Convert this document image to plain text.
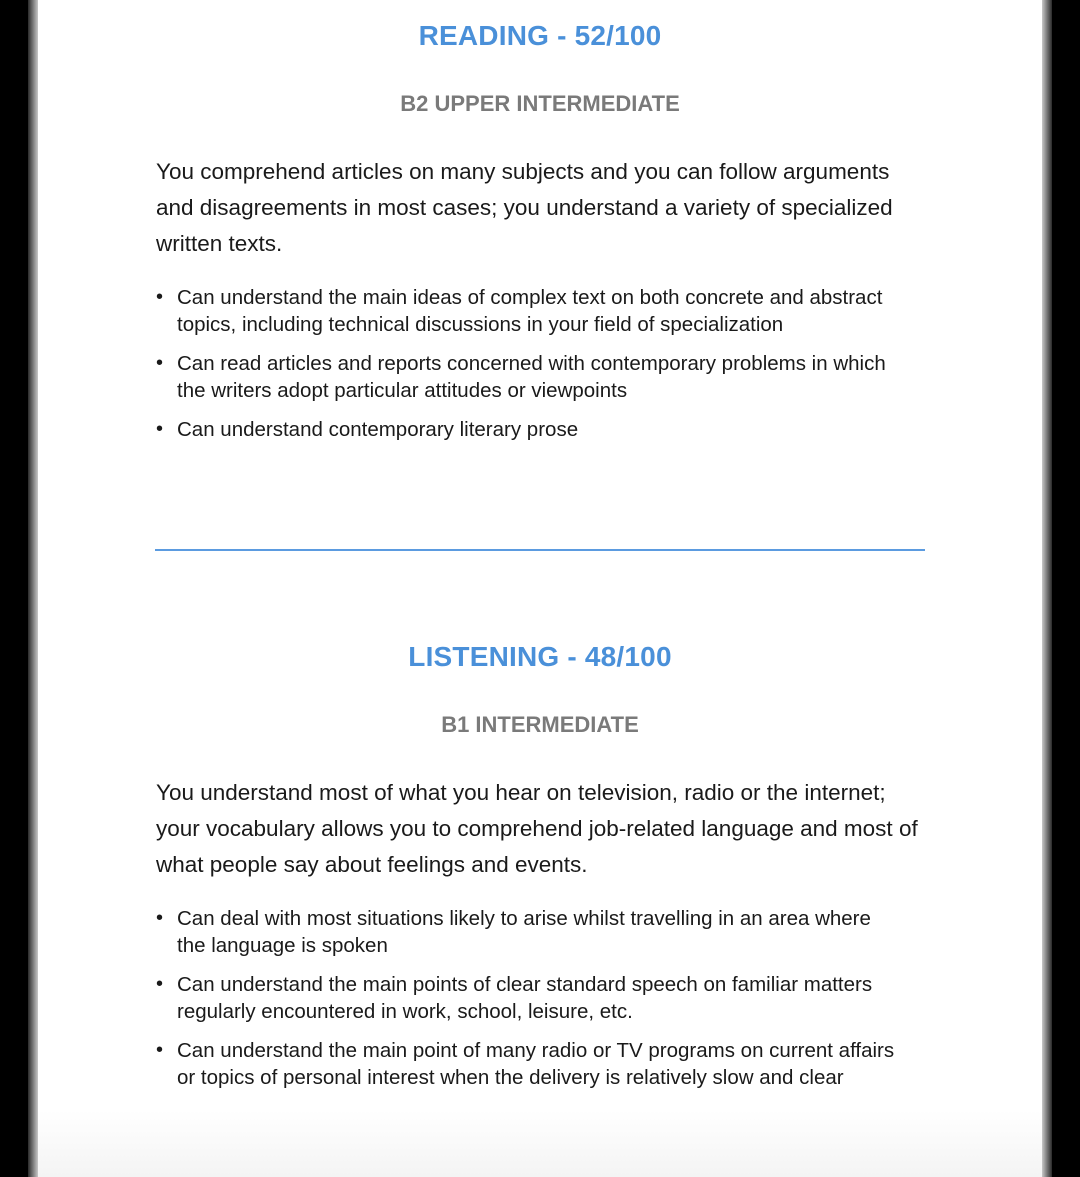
READING - 52/100
B2 UPPER INTERMEDIATE

You comprehend articles on many subjects and you can follow arguments and disagreements in most cases; you understand a variety of specialized written texts.

• Can understand the main ideas of complex text on both concrete and abstract topics, including technical discussions in your field of specialization
• Can read articles and reports concerned with contemporary problems in which the writers adopt particular attitudes or viewpoints
• Can understand contemporary literary prose
LISTENING - 48/100
B1 INTERMEDIATE

You understand most of what you hear on television, radio or the internet; your vocabulary allows you to comprehend job-related language and most of what people say about feelings and events.

• Can deal with most situations likely to arise whilst travelling in an area where the language is spoken
• Can understand the main points of clear standard speech on familiar matters regularly encountered in work, school, leisure, etc.
• Can understand the main point of many radio or TV programs on current affairs or topics of personal interest when the delivery is relatively slow and clear
